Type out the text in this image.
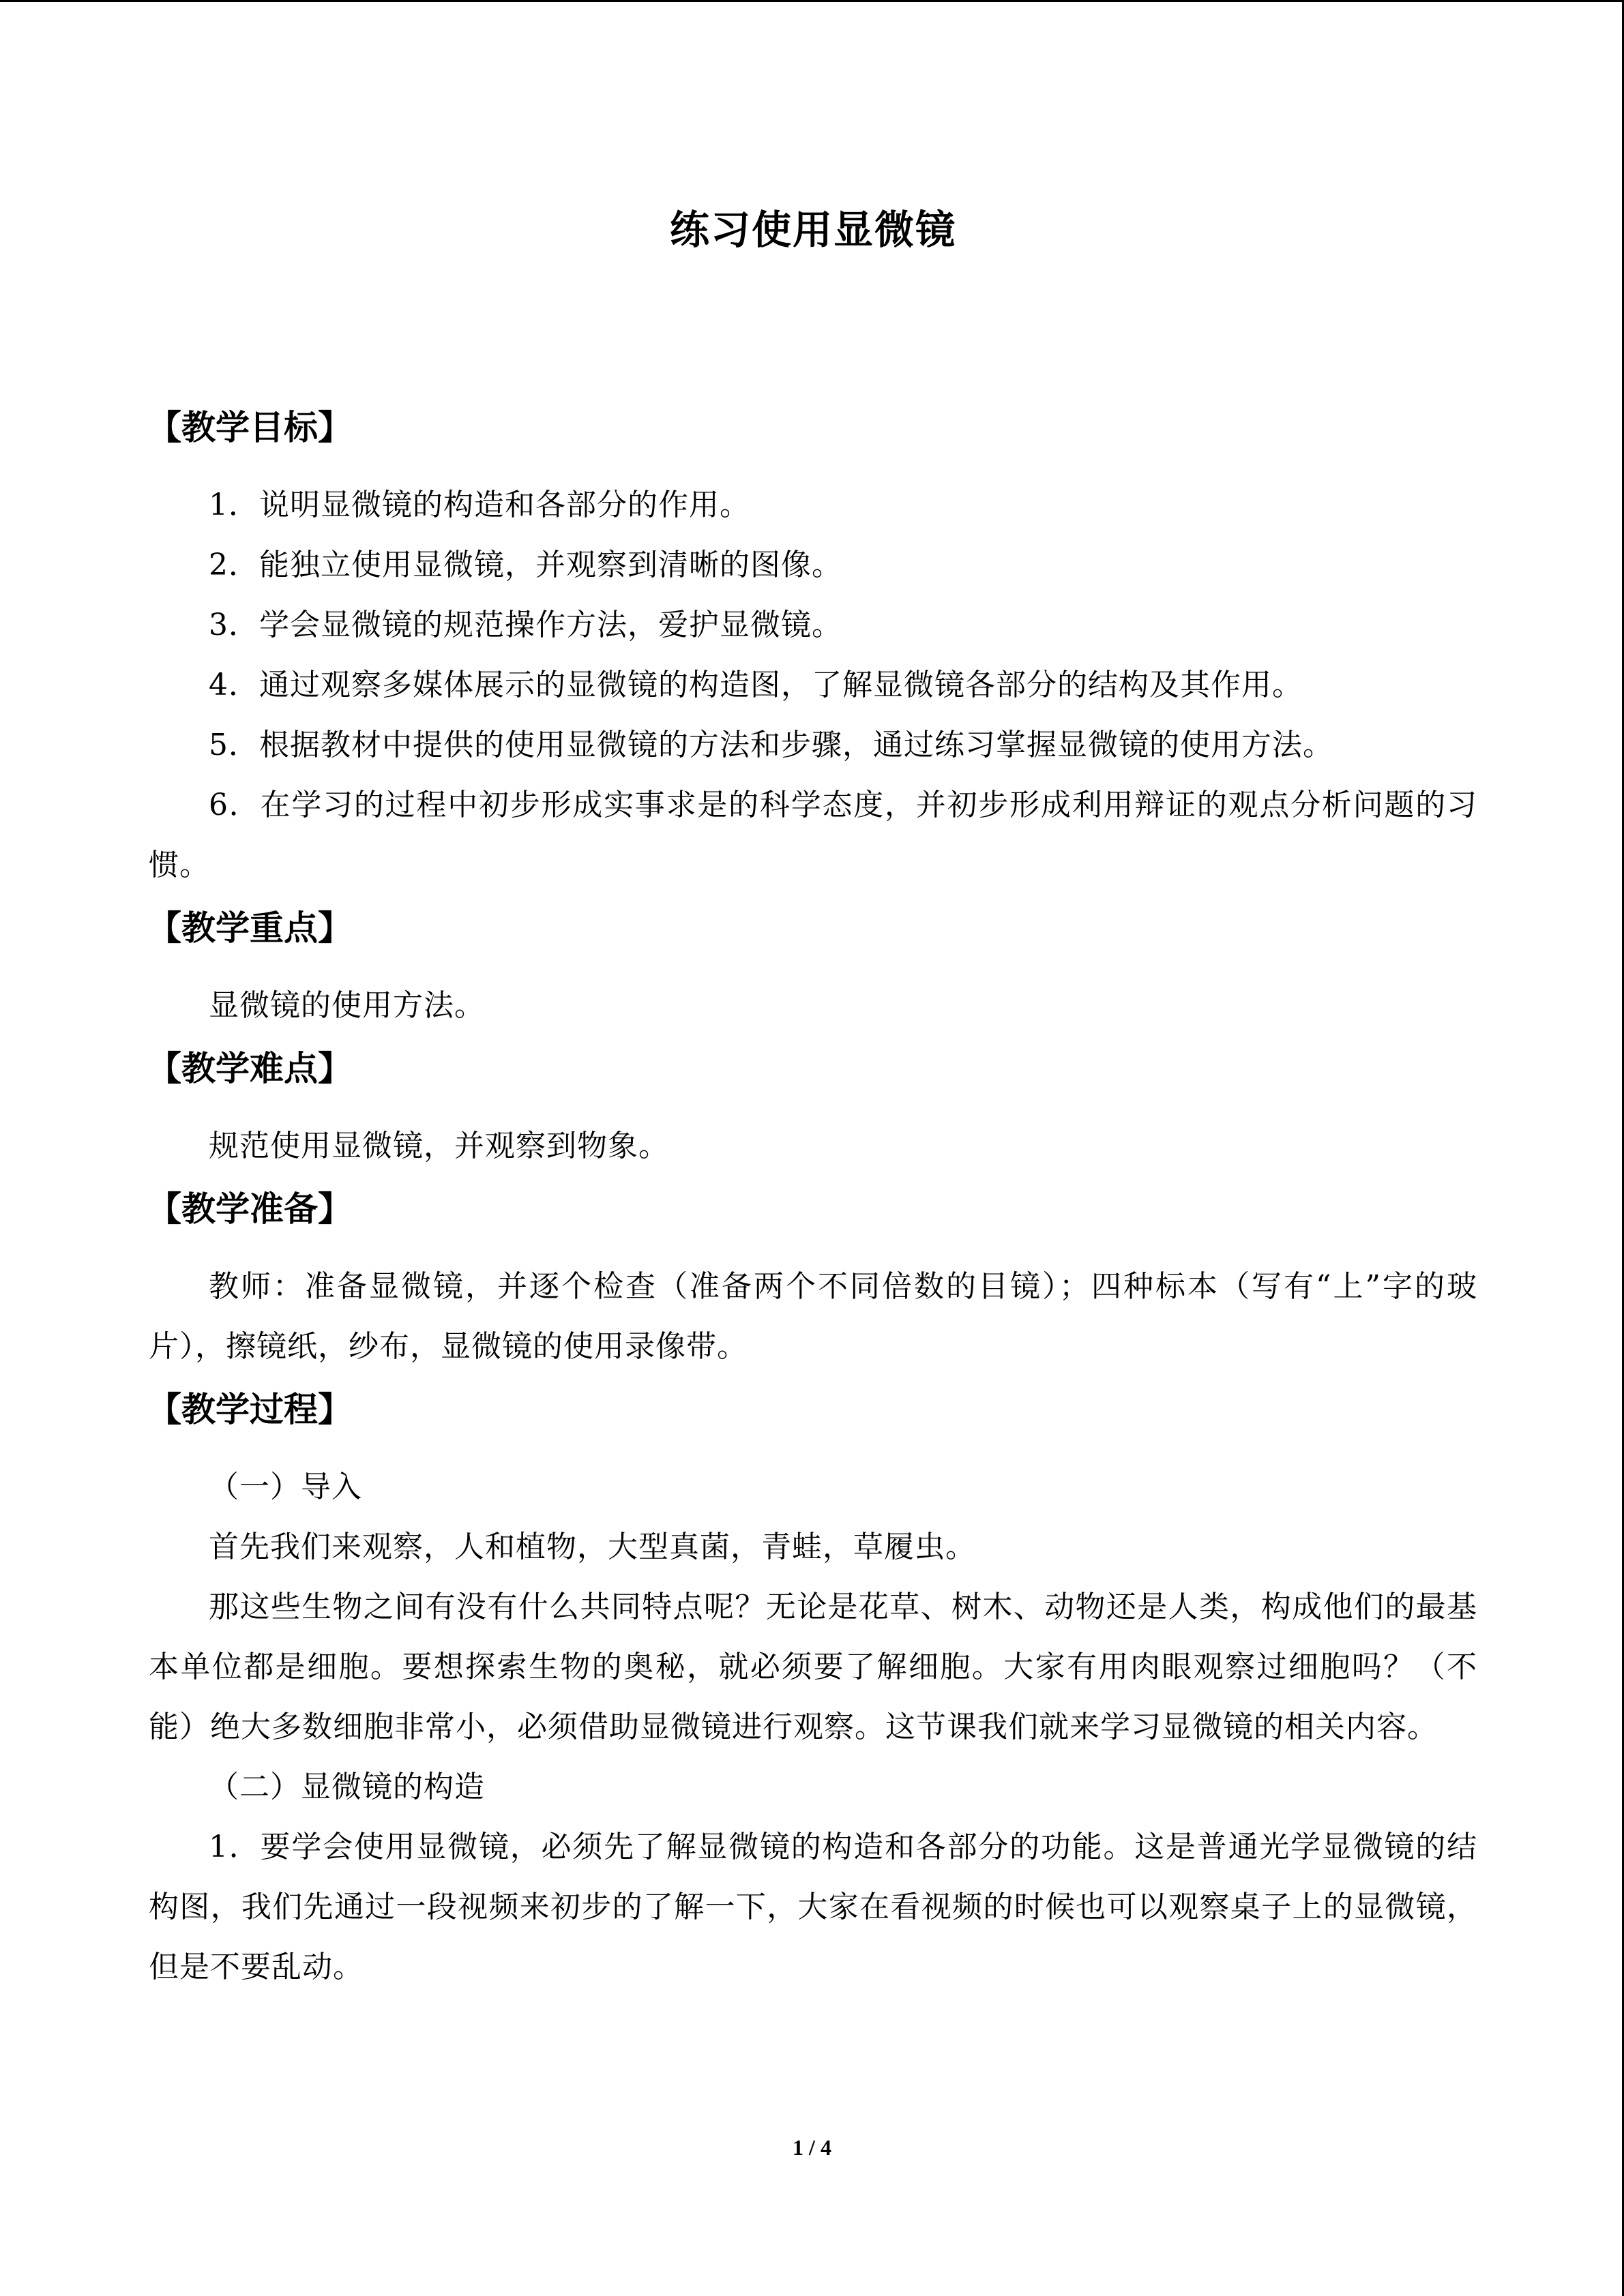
练习使用显微镜
【教学目标】

1．说明显微镜的构造和各部分的作用。

2．能独立使用显微镜，并观察到清晰的图像。

3．学会显微镜的规范操作方法，爱护显微镜。

4．通过观察多媒体展示的显微镜的构造图，了解显微镜各部分的结构及其作用。

5．根据教材中提供的使用显微镜的方法和步骤，通过练习掌握显微镜的使用方法。

6．在学习的过程中初步形成实事求是的科学态度，并初步形成利用辩证的观点分析问题的习惯。

【教学重点】

显微镜的使用方法。

【教学难点】

规范使用显微镜，并观察到物象。

【教学准备】

教师：准备显微镜，并逐个检查（准备两个不同倍数的目镜）；四种标本（写有“上”字的玻片），擦镜纸，纱布，显微镜的使用录像带。

【教学过程】

（一）导入

首先我们来观察，人和植物，大型真菌，青蛙，草履虫。

那这些生物之间有没有什么共同特点呢？无论是花草、树木、动物还是人类，构成他们的最基本单位都是细胞。要想探索生物的奥秘，就必须要了解细胞。大家有用肉眼观察过细胞吗？（不能）绝大多数细胞非常小，必须借助显微镜进行观察。这节课我们就来学习显微镜的相关内容。

（二）显微镜的构造

1．要学会使用显微镜，必须先了解显微镜的构造和各部分的功能。这是普通光学显微镜的结构图，我们先通过一段视频来初步的了解一下，大家在看视频的时候也可以观察桌子上的显微镜，但是不要乱动。

1 / 4
